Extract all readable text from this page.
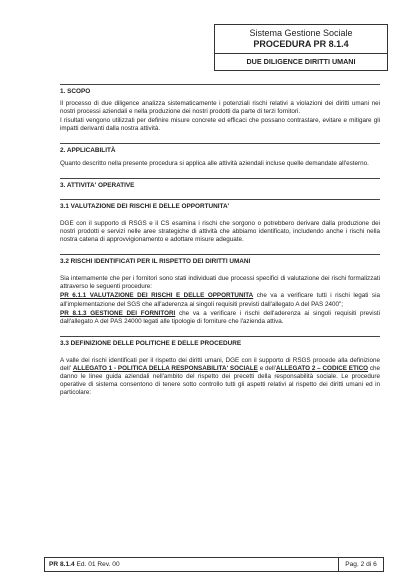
Sistema Gestione Sociale
PROCEDURA PR 8.1.4
DUE DILIGENCE DIRITTI UMANI
1. SCOPO
Il processo di due diligence analizza sistematicamente i potenziali rischi relativi a violazioni dei diritti umani nei nostri processi aziendali e nella produzione dei nostri prodotti da parte di terzi fornitori.
I risultati vengono utilizzati per definire misure concrete ed efficaci che possano contrastare, evitare e mitigare gli impatti derivanti dalla nostra attività.
2. APPLICABILITÀ
Quanto descritto nella presente procedura si applica alle attività aziendali incluse quelle demandate all'esterno.
3. ATTIVITA' OPERATIVE
3.1 VALUTAZIONE DEI RISCHI E DELLE OPPORTUNITA'
DGE con il supporto di RSGS e il CS esamina i rischi che sorgono o potrebbero derivare dalla produzione dei nostri prodotti e servizi nelle aree strategiche di attività che abbiamo identificato, includendo anche i rischi nella nostra catena di approvvigionamento e adottare misure adeguate.
3.2 RISCHI IDENTIFICATI PER IL RISPETTO DEI DIRITTI UMANI
Sia internamente che per i fornitori sono stati individuati due processi specifici di valutazione dei rischi formalizzati attraverso le seguenti procedure:
PR 6.1.1 VALUTAZIONE DEI RISCHI E DELLE OPPORTUNITA che va a verificare tutti i rischi legati sia all'implementazione del SGS che all'aderenza ai singoli requisiti previsti dall'allegato A del PAS 2400";
PR 8.1.3 GESTIONE DEI FORNITORI che va a verificare i rischi dell'aderenza ai singoli requisiti previsti dall'allegato A del PAS 24000 legati alle tipologie di forniture che l'azienda attiva.
3.3 DEFINIZIONE DELLE POLITICHE E DELLE PROCEDURE
A valle dei rischi identificati per il rispetto dei diritti umani, DGE con il supporto di RSGS procede alla definizione dell' ALLEGATO 1 - POLITICA DELLA RESPONSABILITA' SOCIALE e dell'ALLEGATO 2 – CODICE ETICO che danno le linee guida aziendali nell'ambito del rispetto dei precetti della responsabilità sociale. Le procedure operative di sistema consentono di tenere sotto controllo tutti gli aspetti relativi al rispetto dei diritti umani ed in particolare:
PR 8.1.4 Ed. 01 Rev. 00	Pag. 2 di 6
